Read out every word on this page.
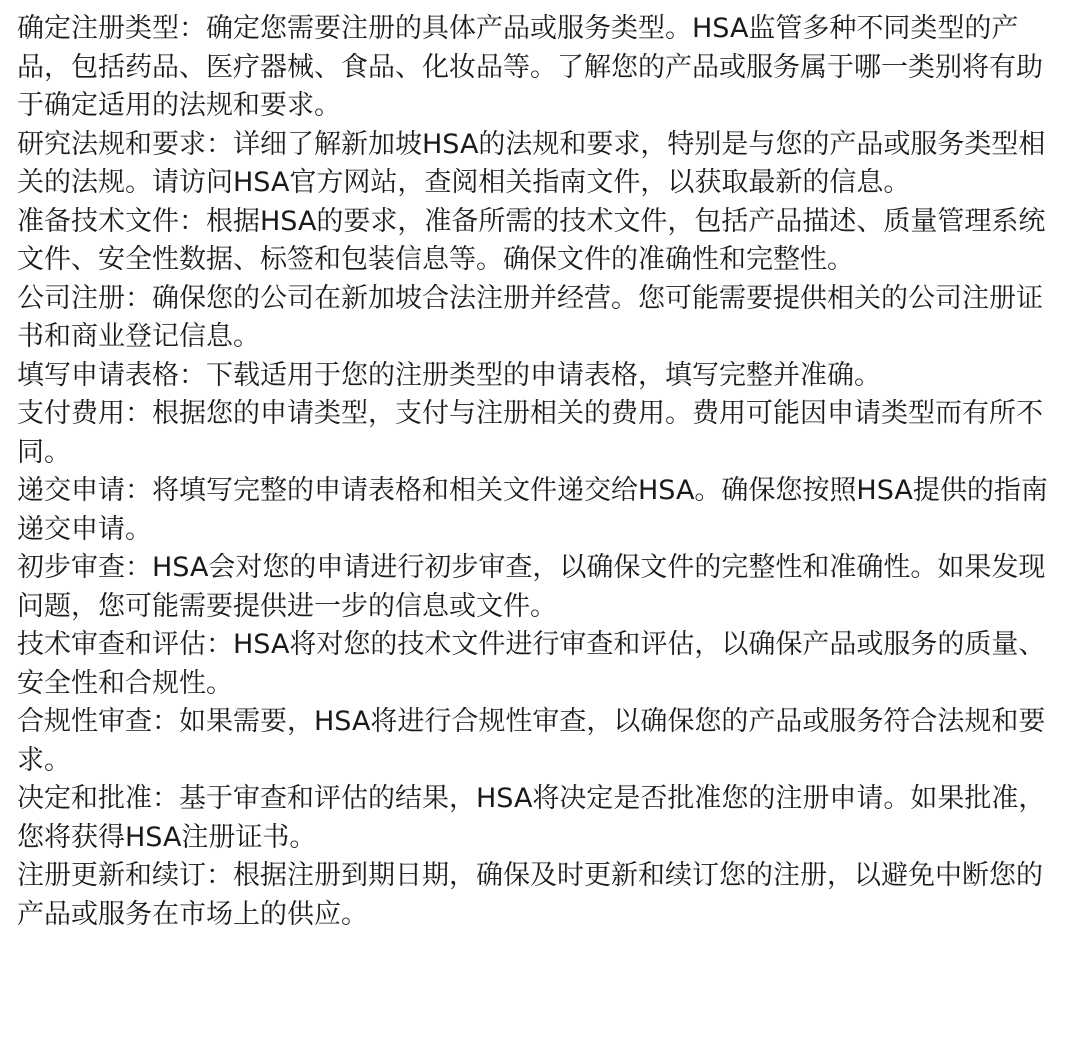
确定注册类型：确定您需要注册的具体产品或服务类型。HSA监管多种不同类型的产品，包括药品、医疗器械、食品、化妆品等。了解您的产品或服务属于哪一类别将有助于确定适用的法规和要求。

研究法规和要求：详细了解新加坡HSA的法规和要求，特别是与您的产品或服务类型相关的法规。请访问HSA官方网站，查阅相关指南文件，以获取最新的信息。

准备技术文件：根据HSA的要求，准备所需的技术文件，包括产品描述、质量管理系统文件、安全性数据、标签和包装信息等。确保文件的准确性和完整性。

公司注册：确保您的公司在新加坡合法注册并经营。您可能需要提供相关的公司注册证书和商业登记信息。

填写申请表格：下载适用于您的注册类型的申请表格，填写完整并准确。

支付费用：根据您的申请类型，支付与注册相关的费用。费用可能因申请类型而有所不同。

递交申请：将填写完整的申请表格和相关文件递交给HSA。确保您按照HSA提供的指南递交申请。

初步审查：HSA会对您的申请进行初步审查，以确保文件的完整性和准确性。如果发现问题，您可能需要提供进一步的信息或文件。

技术审查和评估：HSA将对您的技术文件进行审查和评估，以确保产品或服务的质量、安全性和合规性。

合规性审查：如果需要，HSA将进行合规性审查，以确保您的产品或服务符合法规和要求。

决定和批准：基于审查和评估的结果，HSA将决定是否批准您的注册申请。如果批准，您将获得HSA注册证书。

注册更新和续订：根据注册到期日期，确保及时更新和续订您的注册，以避免中断您的产品或服务在市场上的供应。
